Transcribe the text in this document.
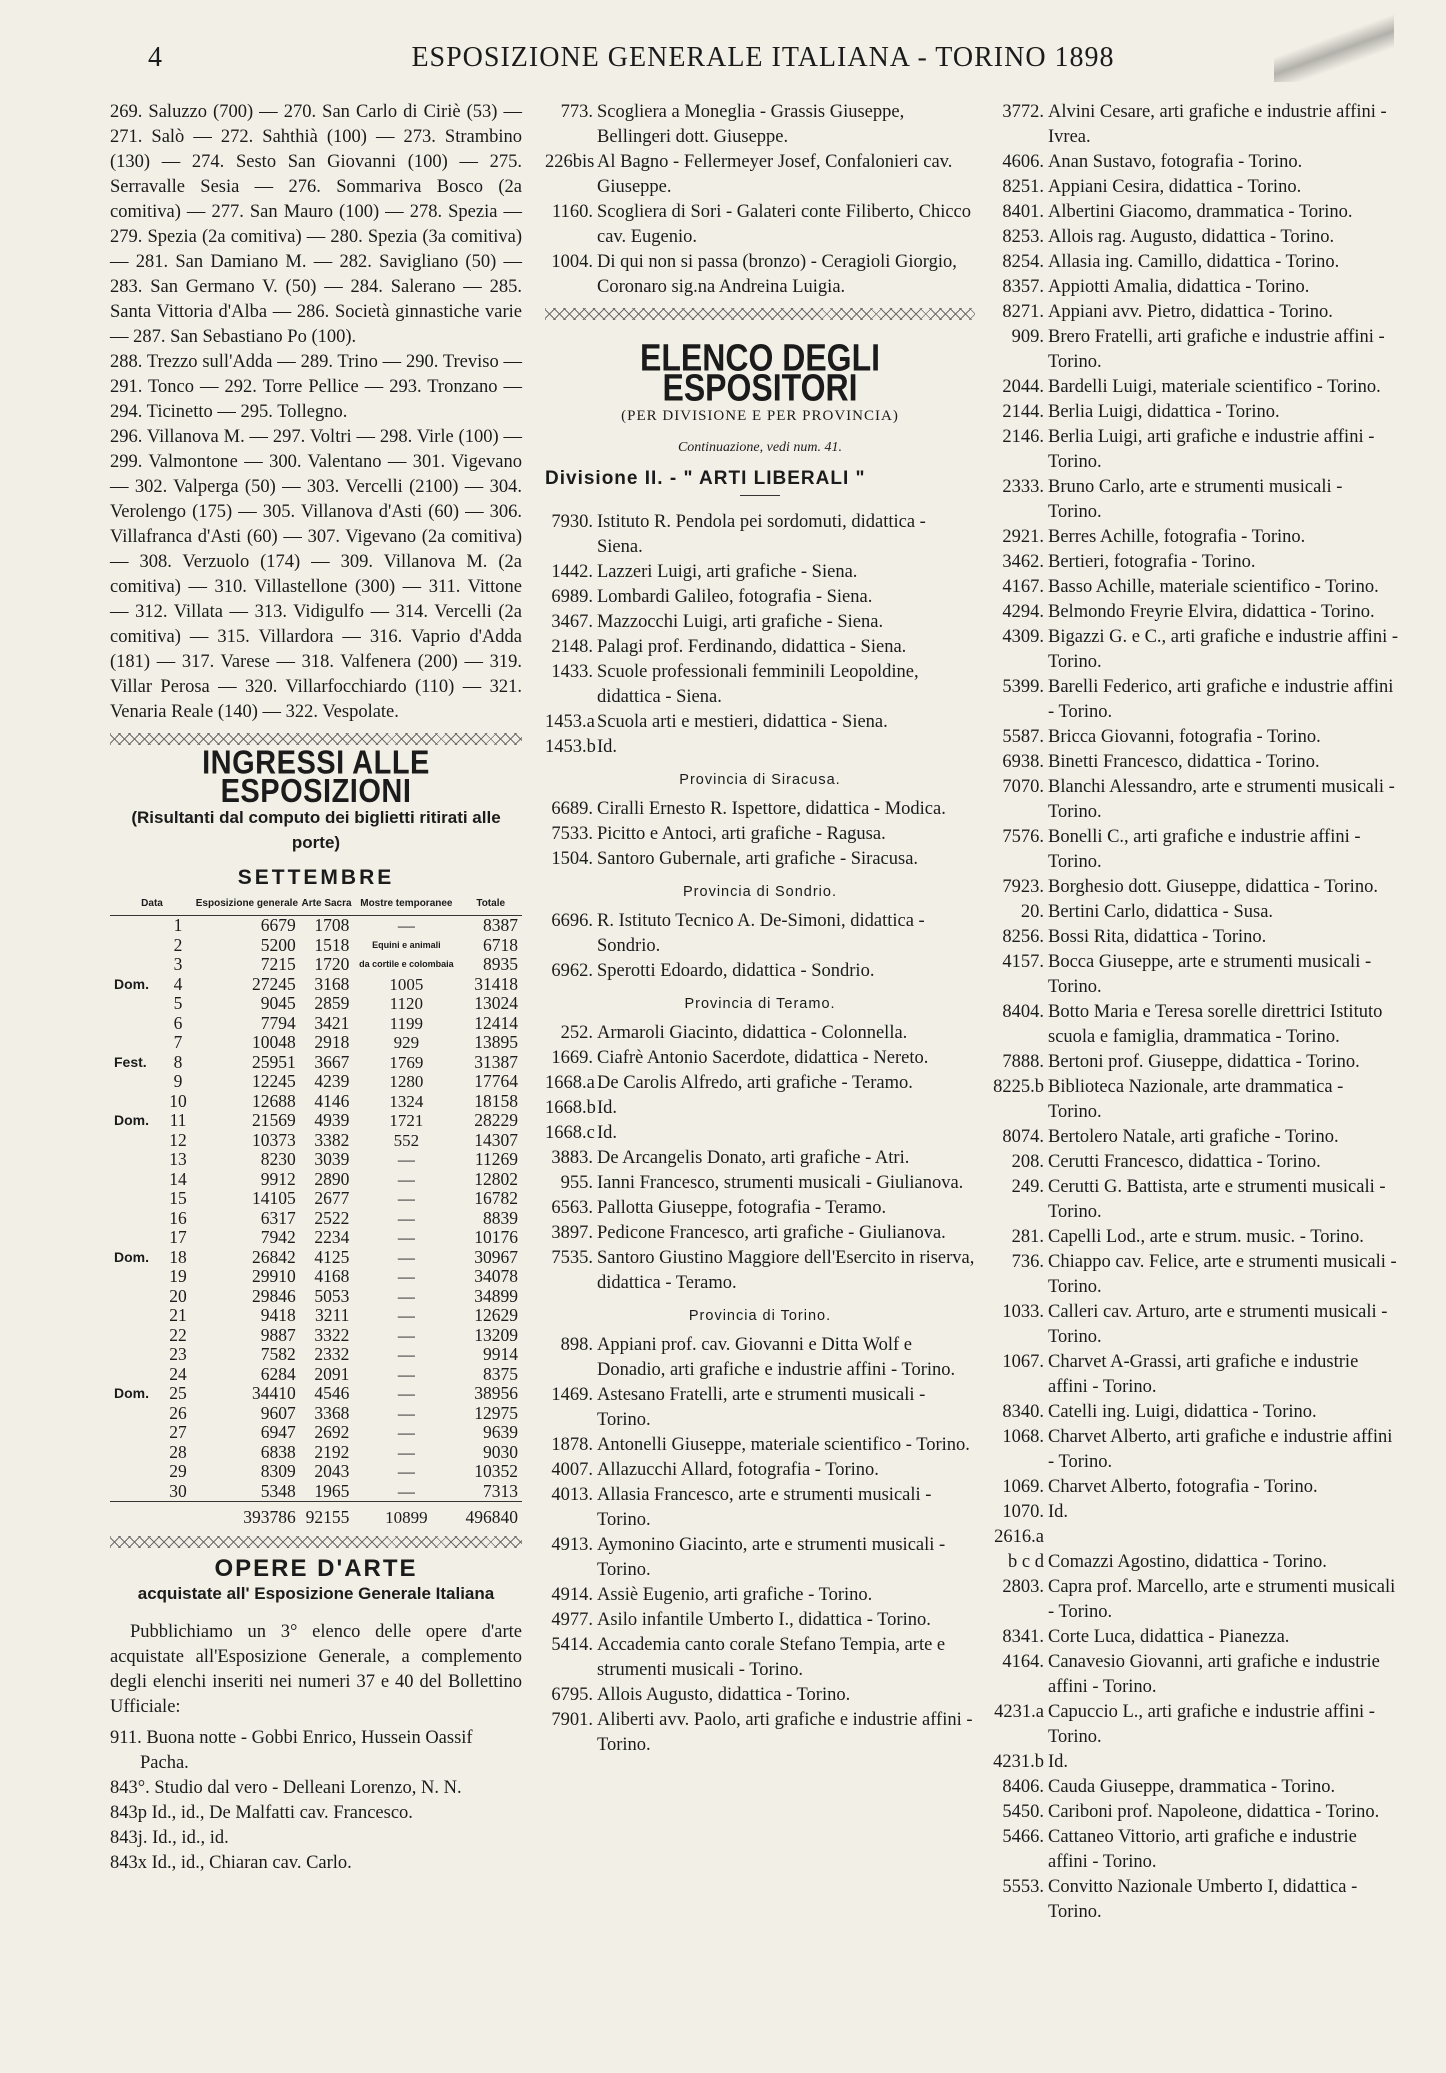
4	ESPOSIZIONE GENERALE ITALIANA - TORINO 1898
269. Saluzzo (700) — 270. San Carlo di Ciriè (53) — 271. Salò — 272. Sahthià (100) — 273. Strambino (130) — 274. Sesto San Giovanni (100) — 275. Serravalle Sesia — 276. Sommariva Bosco (2a comitiva) — 277. San Mauro (100) — 278. Spezia — 279. Spezia (2a comitiva) — 280. Spezia (3a comitiva) — 281. San Damiano M. — 282. Savigliano (50) — 283. San Germano V. (50) — 284. Salerano — 285. Santa Vittoria d'Alba — 286. Società ginnastiche varie — 287. San Sebastiano Po (100).
288. Trezzo sull'Adda — 289. Trino — 290. Treviso — 291. Tonco — 292. Torre Pellice — 293. Tronzano — 294. Ticinetto — 295. Tollegno.
296. Villanova M. — 297. Voltri — 298. Virle (100) — 299. Valmontone — 300. Valentano — 301. Vigevano — 302. Valperga (50) — 303. Vercelli (2100) — 304. Verolengo (175) — 305. Villanova d'Asti (60) — 306. Villafranca d'Asti (60) — 307. Vigevano (2a comitiva) — 308. Verzuolo (174) — 309. Villanova M. (2a comitiva) — 310. Villastellone (300) — 311. Vittone — 312. Villata — 313. Vidigulfo — 314. Vercelli (2a comitiva) — 315. Villardora — 316. Vaprio d'Adda (181) — 317. Varese — 318. Valfenera (200) — 319. Villar Perosa — 320. Villarfocchiardo (110) — 321. Venaria Reale (140) — 322. Vespolate.
INGRESSI ALLE ESPOSIZIONI
(Risultanti dal computo dei biglietti ritirati alle porte)
SETTEMBRE
Data		Esposizione generale	Arte Sacra	Mostre temporanee	Totale
	1	6679	1708	—	8387
	2	5200	1518	Equini e animali	6718
	3	7215	1720	da cortile e colombaia	8935
Dom.	4	27245	3168	1005	31418
	5	9045	2859	1120	13024
	6	7794	3421	1199	12414
	7	10048	2918	929	13895
Fest.	8	25951	3667	1769	31387
	9	12245	4239	1280	17764
	10	12688	4146	1324	18158
Dom.	11	21569	4939	1721	28229
	12	10373	3382	552	14307
	13	8230	3039	—	11269
	14	9912	2890	—	12802
	15	14105	2677	—	16782
	16	6317	2522	—	8839
	17	7942	2234	—	10176
Dom.	18	26842	4125	—	30967
	19	29910	4168	—	34078
	20	29846	5053	—	34899
	21	9418	3211	—	12629
	22	9887	3322	—	13209
	23	7582	2332	—	9914
	24	6284	2091	—	8375
Dom.	25	34410	4546	—	38956
	26	9607	3368	—	12975
	27	6947	2692	—	9639
	28	6838	2192	—	9030
	29	8309	2043	—	10352
	30	5348	1965	—	7313
		393786	92155	10899	496840
OPERE D'ARTE
acquistate all' Esposizione Generale Italiana
Pubblichiamo un 3° elenco delle opere d'arte acquistate all'Esposizione Generale, a complemento degli elenchi inseriti nei numeri 37 e 40 del Bollettino Ufficiale:
911. Buona notte - Gobbi Enrico, Hussein Oassif Pacha.
843°. Studio dal vero - Delleani Lorenzo, N. N.
843p Id., id., De Malfatti cav. Francesco.
843j. Id., id., id.
843x Id., id., Chiaran cav. Carlo.
773. Scogliera a Moneglia - Grassis Giuseppe, Bellingeri dott. Giuseppe.
226bis Al Bagno - Fellermeyer Josef, Confalonieri cav. Giuseppe.
1160. Scogliera di Sori - Galateri conte Filiberto, Chicco cav. Eugenio.
1004. Di qui non si passa (bronzo) - Ceragioli Giorgio, Coronaro sig.na Andreina Luigia.
ELENCO DEGLI ESPOSITORI
(PER DIVISIONE E PER PROVINCIA)
Continuazione, vedi num. 41.
Divisione II. - " ARTI LIBERALI "
7930. Istituto R. Pendola pei sordomuti, didattica - Siena.
1442. Lazzeri Luigi, arti grafiche - Siena.
6989. Lombardi Galileo, fotografia - Siena.
3467. Mazzocchi Luigi, arti grafiche - Siena.
2148. Palagi prof. Ferdinando, didattica - Siena.
1433. Scuole professionali femminili Leopoldine, didattica - Siena.
1453.a Scuola arti e mestieri, didattica - Siena.
1453.bId.
Provincia di Siracusa.
6689. Ciralli Ernesto R. Ispettore, didattica - Modica.
7533. Picitto e Antoci, arti grafiche - Ragusa.
1504. Santoro Gubernale, arti grafiche - Siracusa.
Provincia di Sondrio.
6696. R. Istituto Tecnico A. De-Simoni, didattica - Sondrio.
6962. Sperotti Edoardo, didattica - Sondrio.
Provincia di Teramo.
252. Armaroli Giacinto, didattica - Colonnella.
1669. Ciafrè Antonio Sacerdote, didattica - Nereto.
1668.a De Carolis Alfredo, arti grafiche - Teramo.
1668.bId.
1668.c Id.
3883. De Arcangelis Donato, arti grafiche - Atri.
955. Ianni Francesco, strumenti musicali - Giulianova.
6563. Pallotta Giuseppe, fotografia - Teramo.
3897. Pedicone Francesco, arti grafiche - Giulianova.
7535. Santoro Giustino Maggiore dell'Esercito in riserva, didattica - Teramo.
Provincia di Torino.
898. Appiani prof. cav. Giovanni e Ditta Wolf e Donadio, arti grafiche e industrie affini - Torino.
1469. Astesano Fratelli, arte e strumenti musicali - Torino.
1878. Antonelli Giuseppe, materiale scientifico - Torino.
4007. Allazucchi Allard, fotografia - Torino.
4013. Allasia Francesco, arte e strumenti musicali - Torino.
4913. Aymonino Giacinto, arte e strumenti musicali - Torino.
4914. Assiè Eugenio, arti grafiche - Torino.
4977. Asilo infantile Umberto I., didattica - Torino.
5414. Accademia canto corale Stefano Tempia, arte e strumenti musicali - Torino.
6795. Allois Augusto, didattica - Torino.
7901. Aliberti avv. Paolo, arti grafiche e industrie affini - Torino.
3772. Alvini Cesare, arti grafiche e industrie affini - Ivrea.
4606. Anan Sustavo, fotografia - Torino.
8251. Appiani Cesira, didattica - Torino.
8401. Albertini Giacomo, drammatica - Torino.
8253. Allois rag. Augusto, didattica - Torino.
8254. Allasia ing. Camillo, didattica - Torino.
8357. Appiotti Amalia, didattica - Torino.
8271. Appiani avv. Pietro, didattica - Torino.
909. Brero Fratelli, arti grafiche e industrie affini - Torino.
2044. Bardelli Luigi, materiale scientifico - Torino.
2144. Berlia Luigi, didattica - Torino.
2146. Berlia Luigi, arti grafiche e industrie affini - Torino.
2333. Bruno Carlo, arte e strumenti musicali - Torino.
2921. Berres Achille, fotografia - Torino.
3462. Bertieri, fotografia - Torino.
4167. Basso Achille, materiale scientifico - Torino.
4294. Belmondo Freyrie Elvira, didattica - Torino.
4309. Bigazzi G. e C., arti grafiche e industrie affini - Torino.
5399. Barelli Federico, arti grafiche e industrie affini - Torino.
5587. Bricca Giovanni, fotografia - Torino.
6938. Binetti Francesco, didattica - Torino.
7070. Blanchi Alessandro, arte e strumenti musicali - Torino.
7576. Bonelli C., arti grafiche e industrie affini - Torino.
7923. Borghesio dott. Giuseppe, didattica - Torino.
20. Bertini Carlo, didattica - Susa.
8256. Bossi Rita, didattica - Torino.
4157. Bocca Giuseppe, arte e strumenti musicali - Torino.
8404. Botto Maria e Teresa sorelle direttrici Istituto scuola e famiglia, drammatica - Torino.
7888. Bertoni prof. Giuseppe, didattica - Torino.
8225.b Biblioteca Nazionale, arte drammatica - Torino.
8074. Bertolero Natale, arti grafiche - Torino.
208. Cerutti Francesco, didattica - Torino.
249. Cerutti G. Battista, arte e strumenti musicali - Torino.
281. Capelli Lod., arte e strum. music. - Torino.
736. Chiappo cav. Felice, arte e strumenti musicali - Torino.
1033. Calleri cav. Arturo, arte e strumenti musicali - Torino.
1067. Charvet A-Grassi, arti grafiche e industrie affini - Torino.
8340. Catelli ing. Luigi, didattica - Torino.
1068. Charvet Alberto, arti grafiche e industrie affini - Torino.
1069. Charvet Alberto, fotografia - Torino.
1070. Id.
2616.a b c d Comazzi Agostino, didattica - Torino.
2803. Capra prof. Marcello, arte e strumenti musicali - Torino.
8341. Corte Luca, didattica - Pianezza.
4164. Canavesio Giovanni, arti grafiche e industrie affini - Torino.
4231.a Capuccio L., arti grafiche e industrie affini - Torino.
4231.b Id.
8406. Cauda Giuseppe, drammatica - Torino.
5450. Cariboni prof. Napoleone, didattica - Torino.
5466. Cattaneo Vittorio, arti grafiche e industrie affini - Torino.
5553. Convitto Nazionale Umberto I, didattica - Torino.
